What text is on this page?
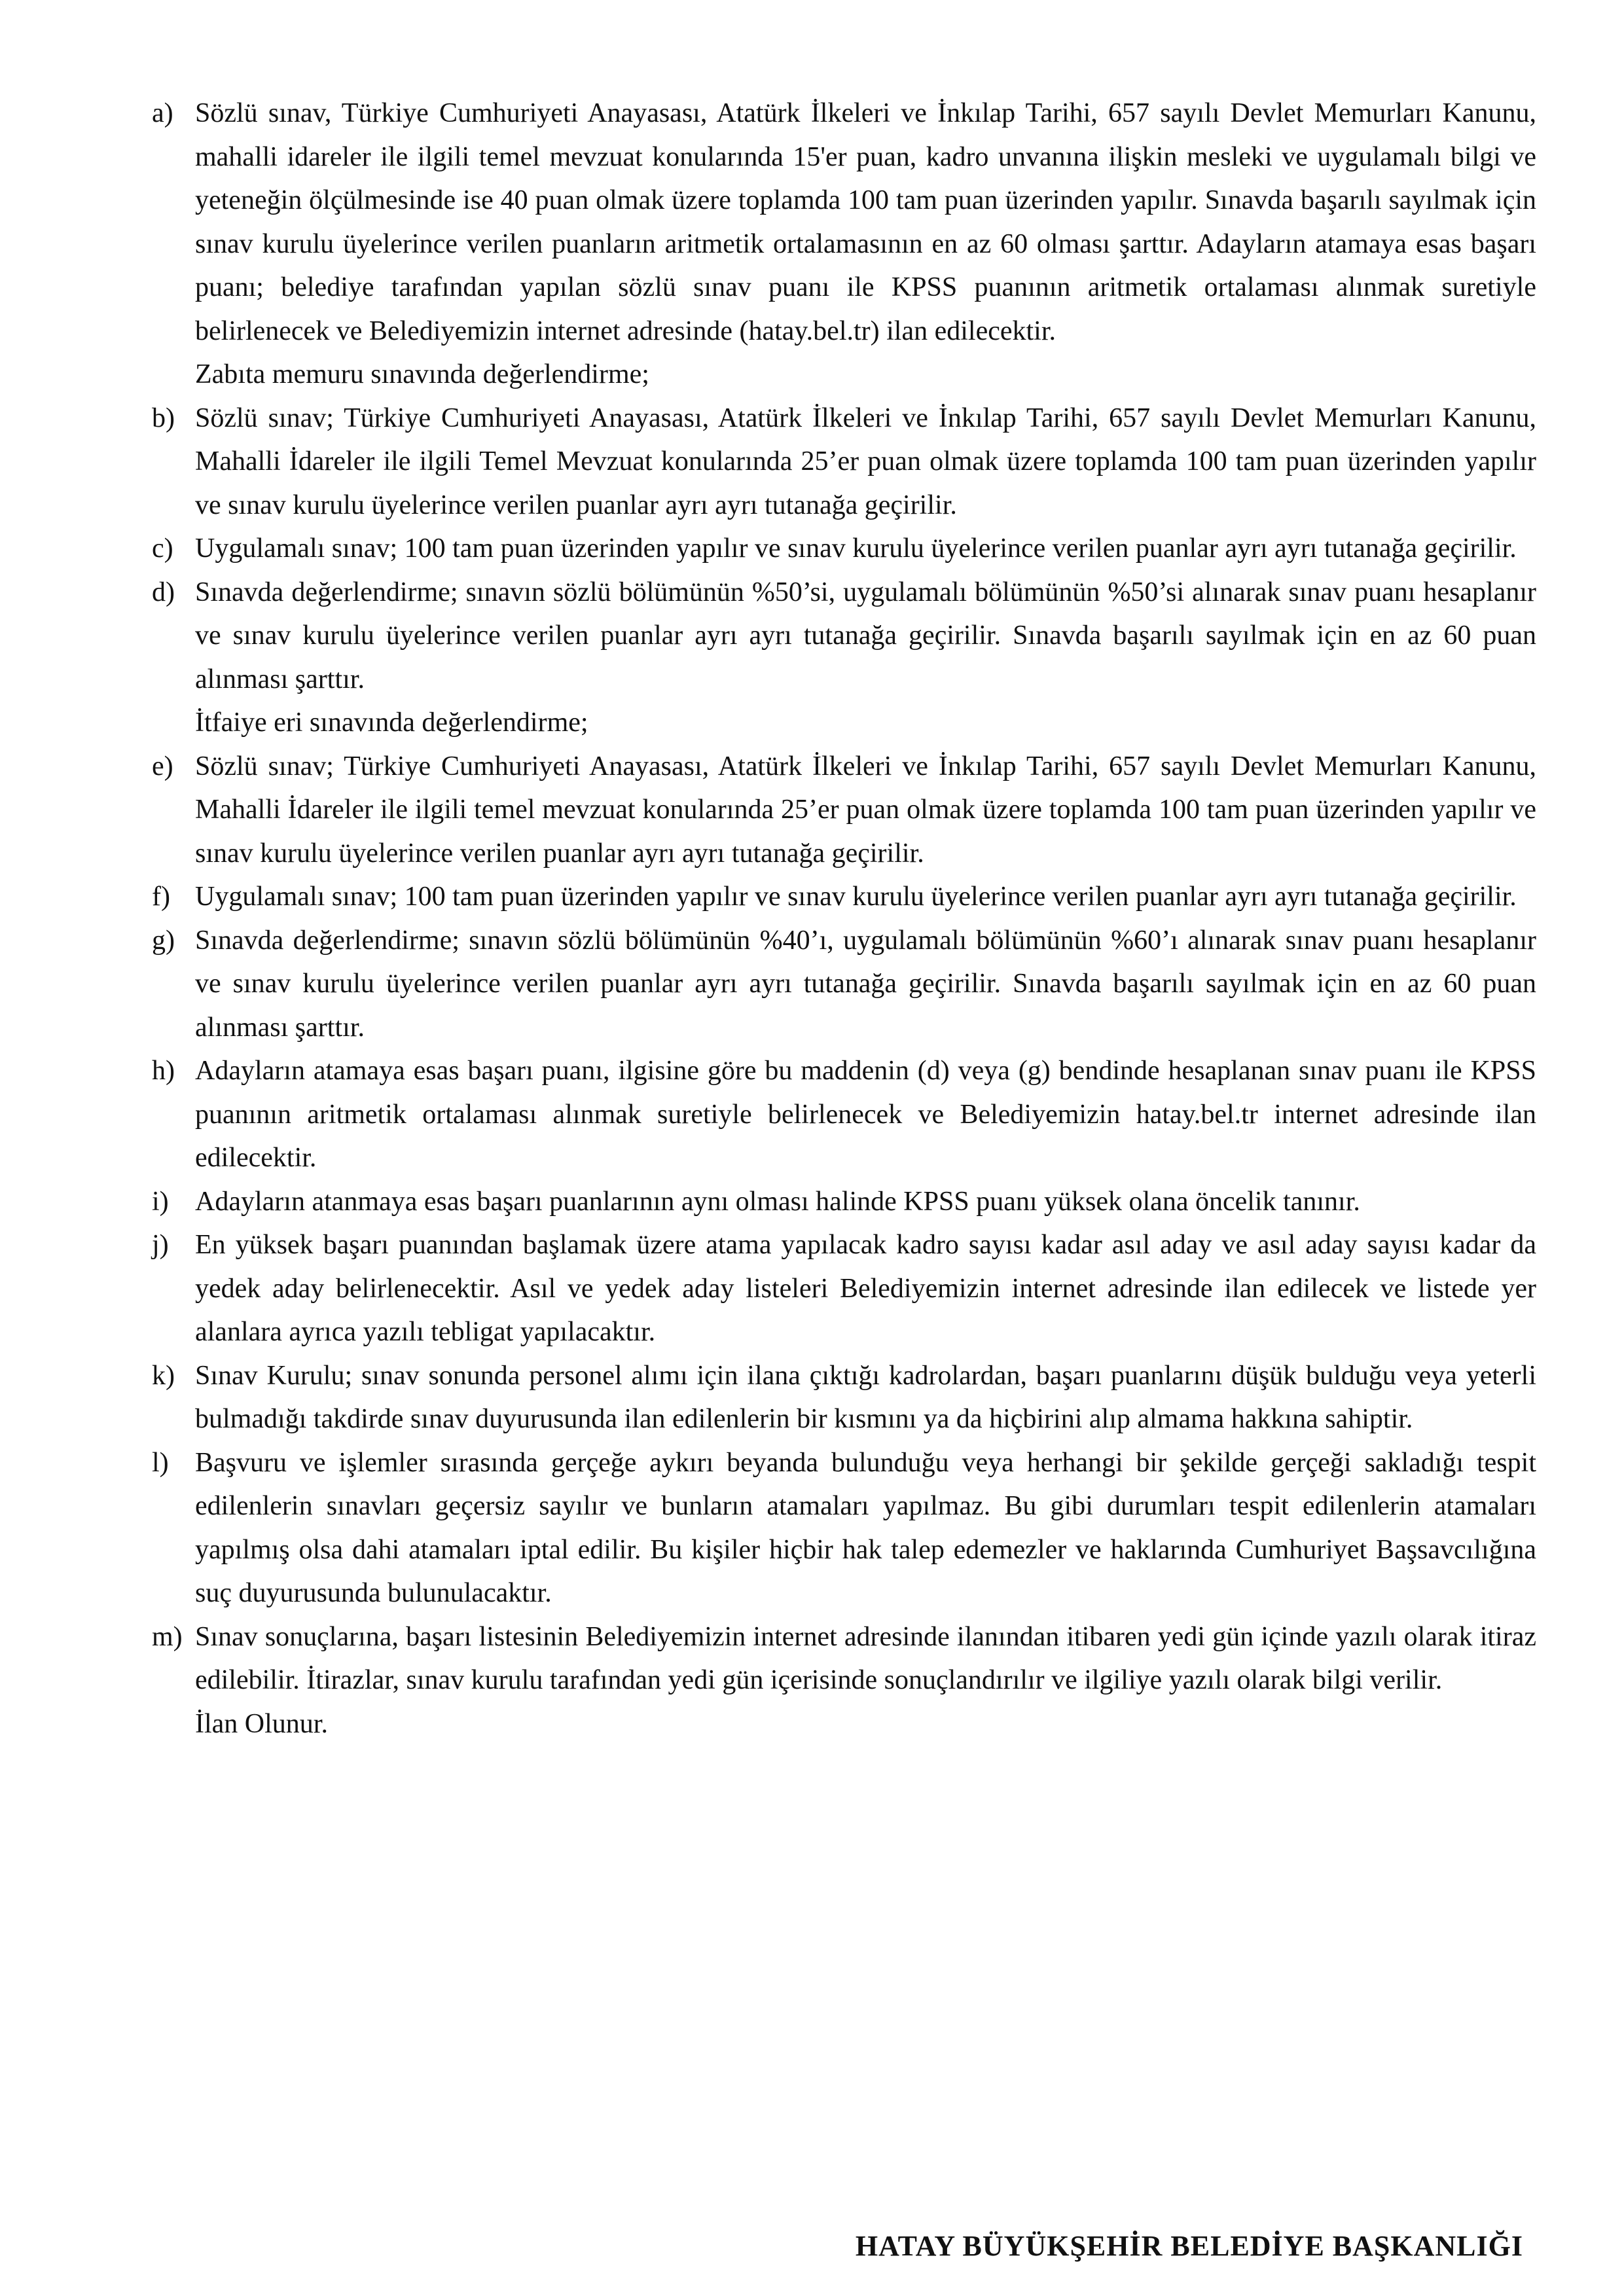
a) Sözlü sınav, Türkiye Cumhuriyeti Anayasası, Atatürk İlkeleri ve İnkılap Tarihi, 657 sayılı Devlet Memurları Kanunu, mahalli idareler ile ilgili temel mevzuat konularında 15'er puan, kadro unvanına ilişkin mesleki ve uygulamalı bilgi ve yeteneğin ölçülmesinde ise 40 puan olmak üzere toplamda 100 tam puan üzerinden yapılır. Sınavda başarılı sayılmak için sınav kurulu üyelerince verilen puanların aritmetik ortalamasının en az 60 olması şarttır. Adayların atamaya esas başarı puanı; belediye tarafından yapılan sözlü sınav puanı ile KPSS puanının aritmetik ortalaması alınmak suretiyle belirlenecek ve Belediyemizin internet adresinde (hatay.bel.tr) ilan edilecektir.
Zabıta memuru sınavında değerlendirme;
b) Sözlü sınav; Türkiye Cumhuriyeti Anayasası, Atatürk İlkeleri ve İnkılap Tarihi, 657 sayılı Devlet Memurları Kanunu, Mahalli İdareler ile ilgili Temel Mevzuat konularında 25’er puan olmak üzere toplamda 100 tam puan üzerinden yapılır ve sınav kurulu üyelerince verilen puanlar ayrı ayrı tutanağa geçirilir.
c) Uygulamalı sınav; 100 tam puan üzerinden yapılır ve sınav kurulu üyelerince verilen puanlar ayrı ayrı tutanağa geçirilir.
d) Sınavda değerlendirme; sınavın sözlü bölümünün %50’si, uygulamalı bölümünün %50’si alınarak sınav puanı hesaplanır ve sınav kurulu üyelerince verilen puanlar ayrı ayrı tutanağa geçirilir. Sınavda başarılı sayılmak için en az 60 puan alınması şarttır.
İtfaiye eri sınavında değerlendirme;
e) Sözlü sınav; Türkiye Cumhuriyeti Anayasası, Atatürk İlkeleri ve İnkılap Tarihi, 657 sayılı Devlet Memurları Kanunu, Mahalli İdareler ile ilgili temel mevzuat konularında 25’er puan olmak üzere toplamda 100 tam puan üzerinden yapılır ve sınav kurulu üyelerince verilen puanlar ayrı ayrı tutanağa geçirilir.
f) Uygulamalı sınav; 100 tam puan üzerinden yapılır ve sınav kurulu üyelerince verilen puanlar ayrı ayrı tutanağa geçirilir.
g) Sınavda değerlendirme; sınavın sözlü bölümünün %40’ı, uygulamalı bölümünün %60’ı alınarak sınav puanı hesaplanır ve sınav kurulu üyelerince verilen puanlar ayrı ayrı tutanağa geçirilir. Sınavda başarılı sayılmak için en az 60 puan alınması şarttır.
h) Adayların atamaya esas başarı puanı, ilgisine göre bu maddenin (d) veya (g) bendinde hesaplanan sınav puanı ile KPSS puanının aritmetik ortalaması alınmak suretiyle belirlenecek ve Belediyemizin hatay.bel.tr internet adresinde ilan edilecektir.
i) Adayların atanmaya esas başarı puanlarının aynı olması halinde KPSS puanı yüksek olana öncelik tanınır.
j) En yüksek başarı puanından başlamak üzere atama yapılacak kadro sayısı kadar asıl aday ve asıl aday sayısı kadar da yedek aday belirlenecektir. Asıl ve yedek aday listeleri Belediyemizin internet adresinde ilan edilecek ve listede yer alanlara ayrıca yazılı tebligat yapılacaktır.
k) Sınav Kurulu; sınav sonunda personel alımı için ilana çıktığı kadrolardan, başarı puanlarını düşük bulduğu veya yeterli bulmadığı takdirde sınav duyurusunda ilan edilenlerin bir kısmını ya da hiçbirini alıp almama hakkına sahiptir.
l) Başvuru ve işlemler sırasında gerçeğe aykırı beyanda bulunduğu veya herhangi bir şekilde gerçeği sakladığı tespit edilenlerin sınavları geçersiz sayılır ve bunların atamaları yapılmaz. Bu gibi durumları tespit edilenlerin atamaları yapılmış olsa dahi atamaları iptal edilir. Bu kişiler hiçbir hak talep edemezler ve haklarında Cumhuriyet Başsavcılığına suç duyurusunda bulunulacaktır.
m) Sınav sonuçlarına, başarı listesinin Belediyemizin internet adresinde ilanından itibaren yedi gün içinde yazılı olarak itiraz edilebilir. İtirazlar, sınav kurulu tarafından yedi gün içerisinde sonuçlandırılır ve ilgiliye yazılı olarak bilgi verilir.
İlan Olunur.
HATAY BÜYÜKŞEHİR BELEDİYE BAŞKANLIĞI
